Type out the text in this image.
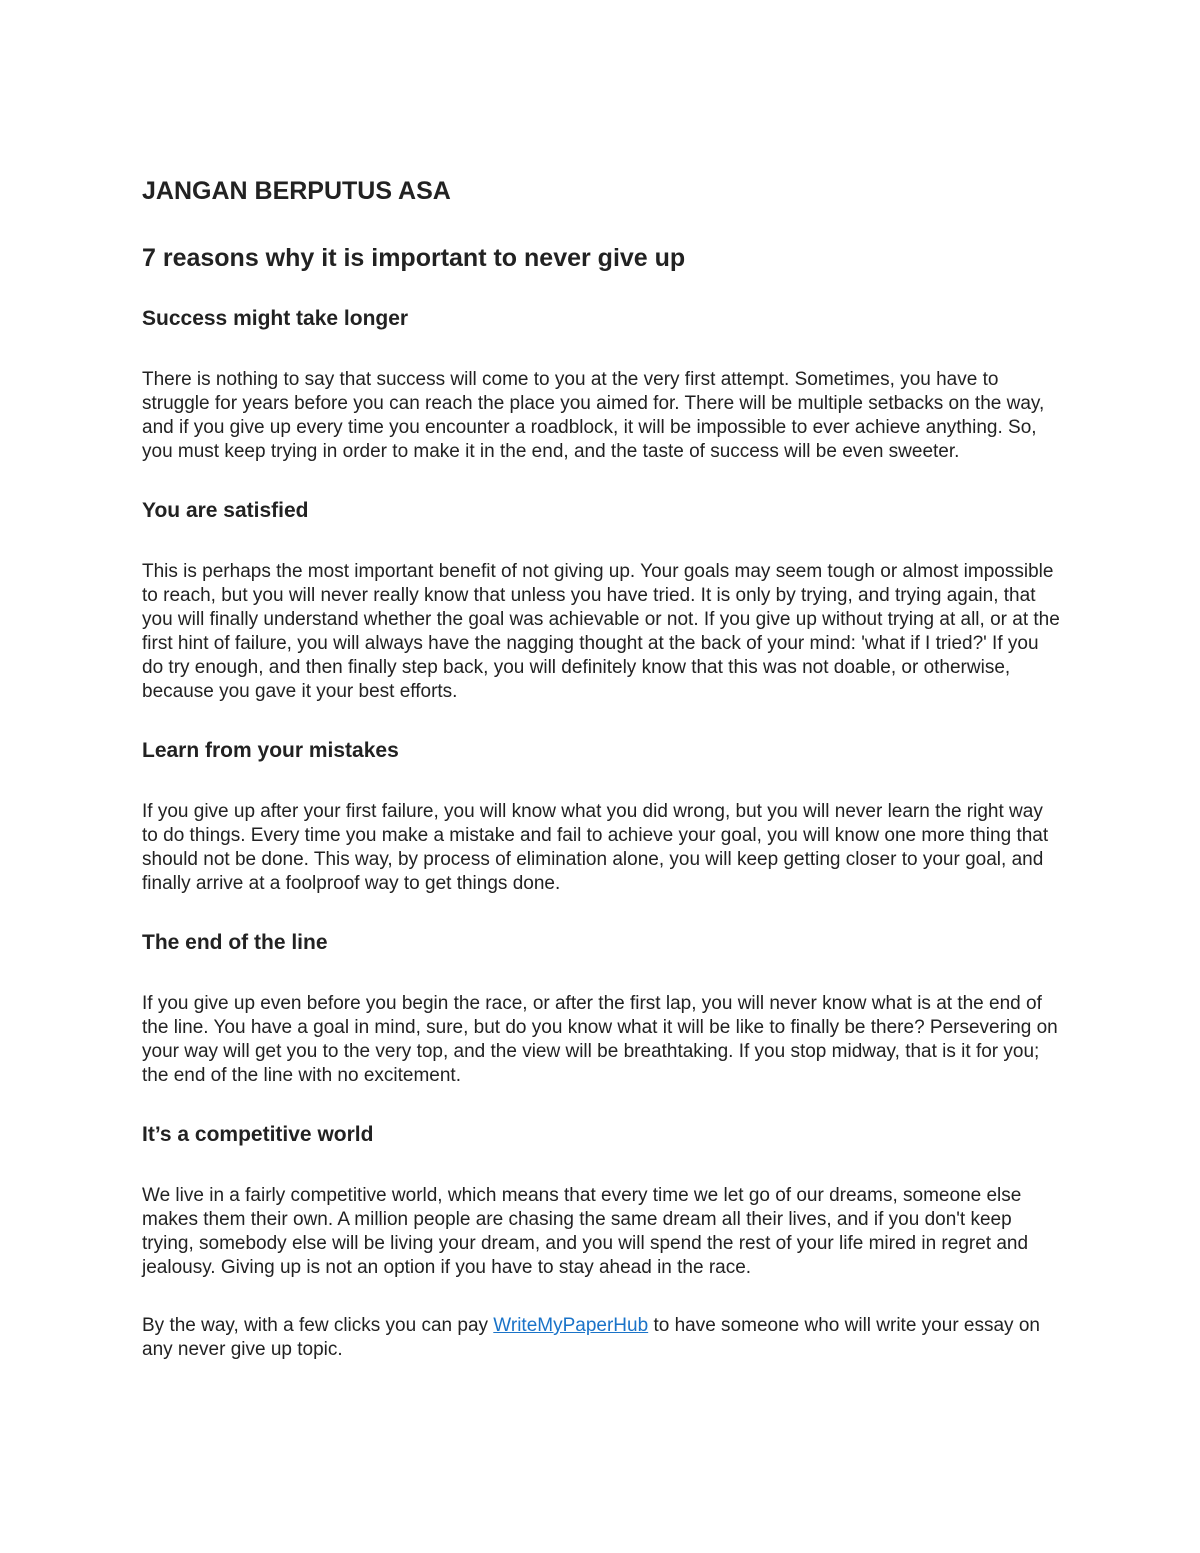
JANGAN BERPUTUS ASA
7 reasons why it is important to never give up
Success might take longer

There is nothing to say that success will come to you at the very first attempt. Sometimes, you have to struggle for years before you can reach the place you aimed for. There will be multiple setbacks on the way, and if you give up every time you encounter a roadblock, it will be impossible to ever achieve anything. So, you must keep trying in order to make it in the end, and the taste of success will be even sweeter.

You are satisfied

This is perhaps the most important benefit of not giving up. Your goals may seem tough or almost impossible to reach, but you will never really know that unless you have tried. It is only by trying, and trying again, that you will finally understand whether the goal was achievable or not. If you give up without trying at all, or at the first hint of failure, you will always have the nagging thought at the back of your mind: 'what if I tried?' If you do try enough, and then finally step back, you will definitely know that this was not doable, or otherwise, because you gave it your best efforts.

Learn from your mistakes

If you give up after your first failure, you will know what you did wrong, but you will never learn the right way to do things. Every time you make a mistake and fail to achieve your goal, you will know one more thing that should not be done. This way, by process of elimination alone, you will keep getting closer to your goal, and finally arrive at a foolproof way to get things done.

The end of the line

If you give up even before you begin the race, or after the first lap, you will never know what is at the end of the line. You have a goal in mind, sure, but do you know what it will be like to finally be there? Persevering on your way will get you to the very top, and the view will be breathtaking. If you stop midway, that is it for you; the end of the line with no excitement.

It’s a competitive world

We live in a fairly competitive world, which means that every time we let go of our dreams, someone else makes them their own. A million people are chasing the same dream all their lives, and if you don't keep trying, somebody else will be living your dream, and you will spend the rest of your life mired in regret and jealousy. Giving up is not an option if you have to stay ahead in the race.

By the way, with a few clicks you can pay WriteMyPaperHub to have someone who will write your essay on any never give up topic.
